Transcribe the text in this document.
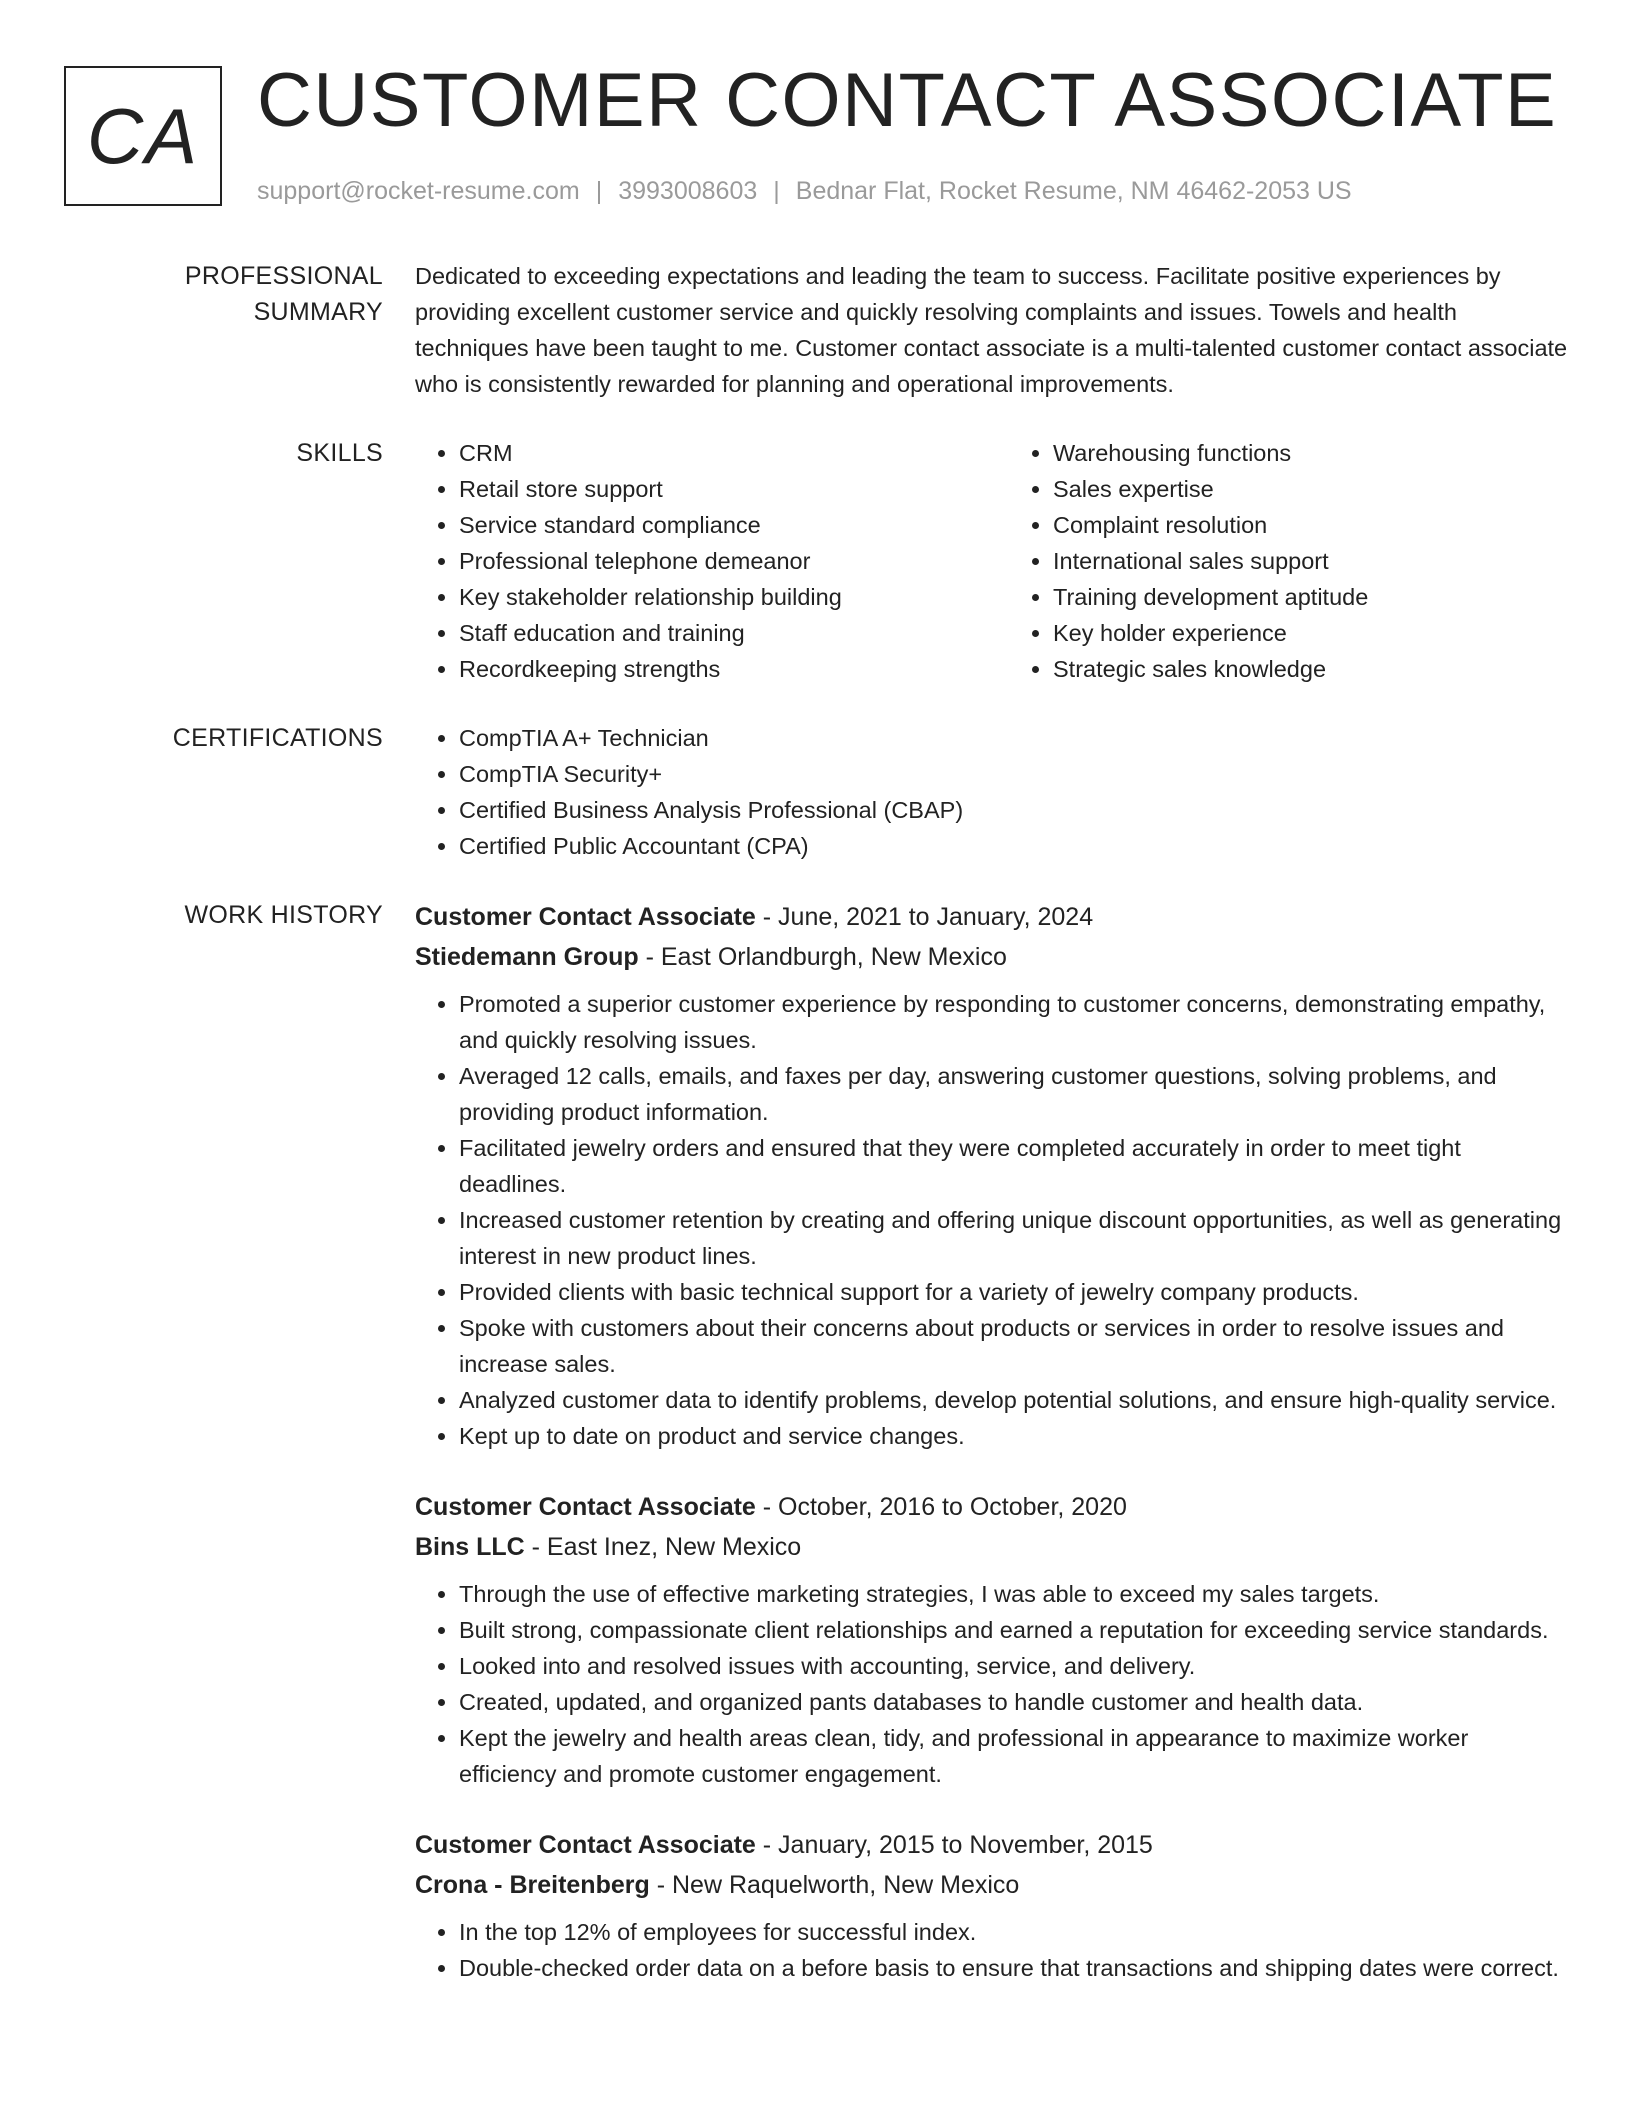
CA CUSTOMER CONTACT ASSOCIATE
support@rocket-resume.com | 3993008603 | Bednar Flat, Rocket Resume, NM 46462-2053 US
PROFESSIONAL SUMMARY

Dedicated to exceeding expectations and leading the team to success. Facilitate positive experiences by providing excellent customer service and quickly resolving complaints and issues. Towels and health techniques have been taught to me. Customer contact associate is a multi-talented customer contact associate who is consistently rewarded for planning and operational improvements.

SKILLS	• CRM
• Retail store support
• Service standard compliance
• Professional telephone demeanor
• Key stakeholder relationship building
• Staff education and training
• Recordkeeping strengths
• Warehousing functions
• Sales expertise
• Complaint resolution
• International sales support
• Training development aptitude
• Key holder experience
• Strategic sales knowledge
CERTIFICATIONS	• CompTIA A+ Technician
• CompTIA Security+
• Certified Business Analysis Professional (CBAP)
• Certified Public Accountant (CPA)
WORK HISTORY	Customer Contact Associate - June, 2021 to January, 2024
Stiedemann Group - East Orlandburgh, New Mexico
• Promoted a superior customer experience by responding to customer concerns, demonstrating empathy, and quickly resolving issues.
• Averaged 12 calls, emails, and faxes per day, answering customer questions, solving problems, and providing product information.
• Facilitated jewelry orders and ensured that they were completed accurately in order to meet tight deadlines.
• Increased customer retention by creating and offering unique discount opportunities, as well as generating interest in new product lines.
• Provided clients with basic technical support for a variety of jewelry company products.
• Spoke with customers about their concerns about products or services in order to resolve issues and increase sales.
• Analyzed customer data to identify problems, develop potential solutions, and ensure high-quality service.
• Kept up to date on product and service changes.
Customer Contact Associate - October, 2016 to October, 2020
Bins LLC - East Inez, New Mexico
• Through the use of effective marketing strategies, I was able to exceed my sales targets.
• Built strong, compassionate client relationships and earned a reputation for exceeding service standards.
• Looked into and resolved issues with accounting, service, and delivery.
• Created, updated, and organized pants databases to handle customer and health data.
• Kept the jewelry and health areas clean, tidy, and professional in appearance to maximize worker efficiency and promote customer engagement.
Customer Contact Associate - January, 2015 to November, 2015
Crona - Breitenberg - New Raquelworth, New Mexico
• In the top 12% of employees for successful index.
• Double-checked order data on a before basis to ensure that transactions and shipping dates were correct.
